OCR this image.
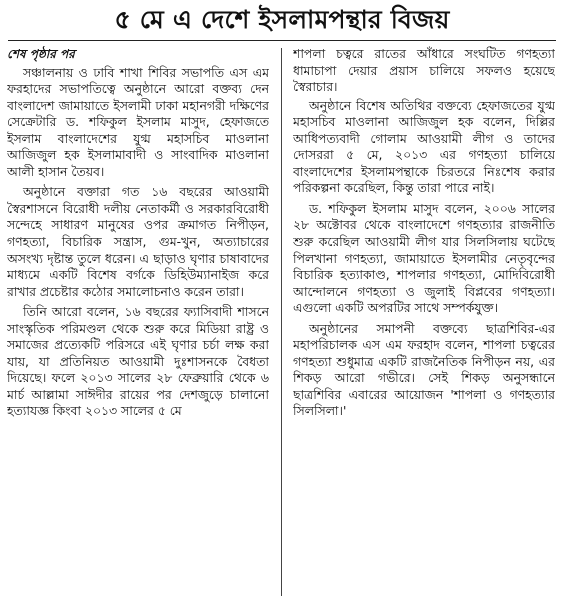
৫ মে এ দেশে ইসলামপন্থার বিজয়

শেষ পৃষ্ঠার পর

সঞ্চালনায় ও ঢাবি শাখা শিবির সভাপতি এস এম ফরহাদের সভাপতিত্বে অনুষ্ঠানে আরো বক্তব্য দেন বাংলাদেশ জামায়াতে ইসলামী ঢাকা মহানগরী দক্ষিণের সেক্রেটারি ড. শফিকুল ইসলাম মাসুদ, হেফাজতে ইসলাম বাংলাদেশের যুগ্ম মহাসচিব মাওলানা আজিজুল হক ইসলামাবাদী ও সাংবাদিক মাওলানা আলী হাসান তৈয়ব।

অনুষ্ঠানে বক্তারা গত ১৬ বছরের আওয়ামী স্বৈরশাসনে বিরোধী দলীয় নেতাকর্মী ও সরকারবিরোধী সন্দেহে সাধারণ মানুষের ওপর ক্রমাগত নিপীড়ন, গণহত্যা, বিচারিক সন্ত্রাস, গুম-খুন, অত্যাচারের অসংখ্য দৃষ্টান্ত তুলে ধরেন। এ ছাড়াও ঘৃণার চাষাবাদের মাধ্যমে একটি বিশেষ বর্গকে ডিহিউম্যানাইজ করে রাখার প্রচেষ্টার কঠোর সমালোচনাও করেন তারা।

তিনি আরো বলেন, ১৬ বছরের ফ্যাসিবাদী শাসনে সাংস্কৃতিক পরিমণ্ডল থেকে শুরু করে মিডিয়া রাষ্ট্র ও সমাজের প্রত্যেকটি পরিসরে এই ঘৃণার চর্চা লক্ষ করা যায়, যা প্রতিনিয়ত আওয়ামী দুঃশাসনকে বৈধতা দিয়েছে। ফলে ২০১৩ সালের ২৮ ফেব্রুয়ারি থেকে ৬ মার্চ আল্লামা সাঈদীর রায়ের পর দেশজুড়ে চালানো হত্যাযজ্ঞ কিংবা ২০১৩ সালের ৫ মে

শাপলা চত্বরে রাতের আঁধারে সংঘটিত গণহত্যা ধামাচাপা দেয়ার প্রয়াস চালিয়ে সফলও হয়েছে স্বৈরাচার।

অনুষ্ঠানে বিশেষ অতিথির বক্তব্যে হেফাজতের যুগ্ম মহাসচিব মাওলানা আজিজুল হক বলেন, দিল্লির আধিপত্যবাদী গোলাম আওয়ামী লীগ ও তাদের দোসররা ৫ মে, ২০১৩ এর গণহত্যা চালিয়ে বাংলাদেশের ইসলামপন্থাকে চিরতরে নিঃশেষ করার পরিকল্পনা করেছিল, কিন্তু তারা পারে নাই।

ড. শফিকুল ইসলাম মাসুদ বলেন, ২০০৬ সালের ২৮ অক্টোবর থেকে বাংলাদেশে গণহত্যার রাজনীতি শুরু করেছিল আওয়ামী লীগ যার সিলসিলায় ঘটেছে পিলখানা গণহত্যা, জামায়াতে ইসলামীর নেতৃবৃন্দের বিচারিক হত্যাকাণ্ড, শাপলার গণহত্যা, মোদিবিরোধী আন্দোলনে গণহত্যা ও জুলাই বিপ্লবের গণহত্যা। এগুলো একটি অপরটির সাথে সম্পর্কযুক্ত।

অনুষ্ঠানের সমাপনী বক্তব্যে ছাত্রশিবির-এর মহাপরিচালক এস এম ফরহাদ বলেন, শাপলা চত্বরের গণহত্যা শুধুমাত্র একটি রাজনৈতিক নিপীড়ন নয়, এর শিকড় আরো গভীরে। সেই শিকড় অনুসন্ধানে ছাত্রশিবির এবারের আয়োজন 'শাপলা ও গণহত্যার সিলসিলা।'
